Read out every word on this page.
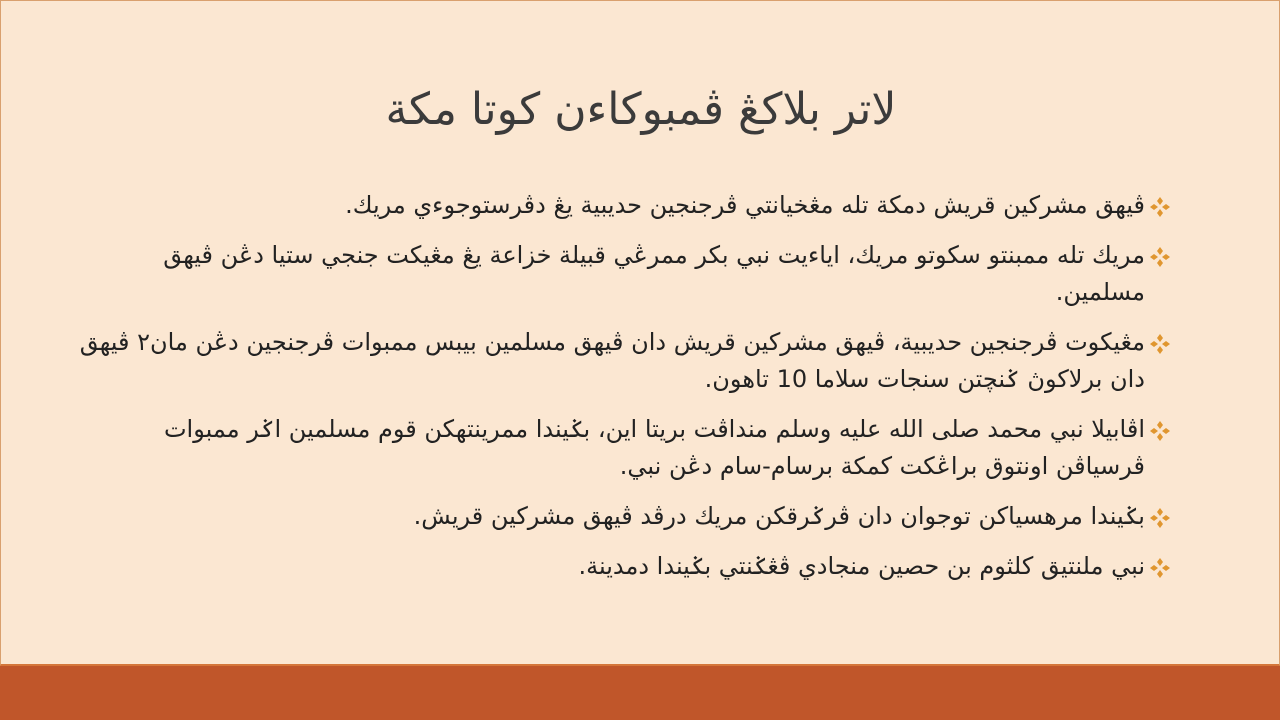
لاتر بلاكڠ ڤمبوكاءن كوتا مكة
ڤيهق مشركين قريش دمكة تله مڠخيانتي ڤرجنجين حديبية يڠ دڤرستوجوءي مريك.
مريك تله ممبنتو سكوتو مريك، اياءيت نبي بكر ممرڠي قبيلة خزاعة يڠ مڠيكت جنجي ستيا دڠن ڤيهق مسلمين.
مڠيكوت ڤرجنجين حديبية، ڤيهق مشركين قريش دان ڤيهق مسلمين بيبس ممبوات ڤرجنجين دڠن مان٢ ڤيهق دان برلاكوڽ ݢنچتن سنجات سلاما 10 تاهون.
اڤابيلا نبي محمد صلى الله عليه وسلم منداڤت بريتا اين، بݢيندا ممرينتهكن قوم مسلمين اݢر ممبوات ڤرسياڤن اونتوق براڠكت كمكة برسام-سام دڠن نبي.
بݢيندا مرهسياكن توجوان دان ڤرݢرقكن مريك درڤد ڤيهق مشركين قريش.
نبي ملنتيق كلثوم بن حصين منجادي ڤڠݢنتي بݢيندا دمدينة.
